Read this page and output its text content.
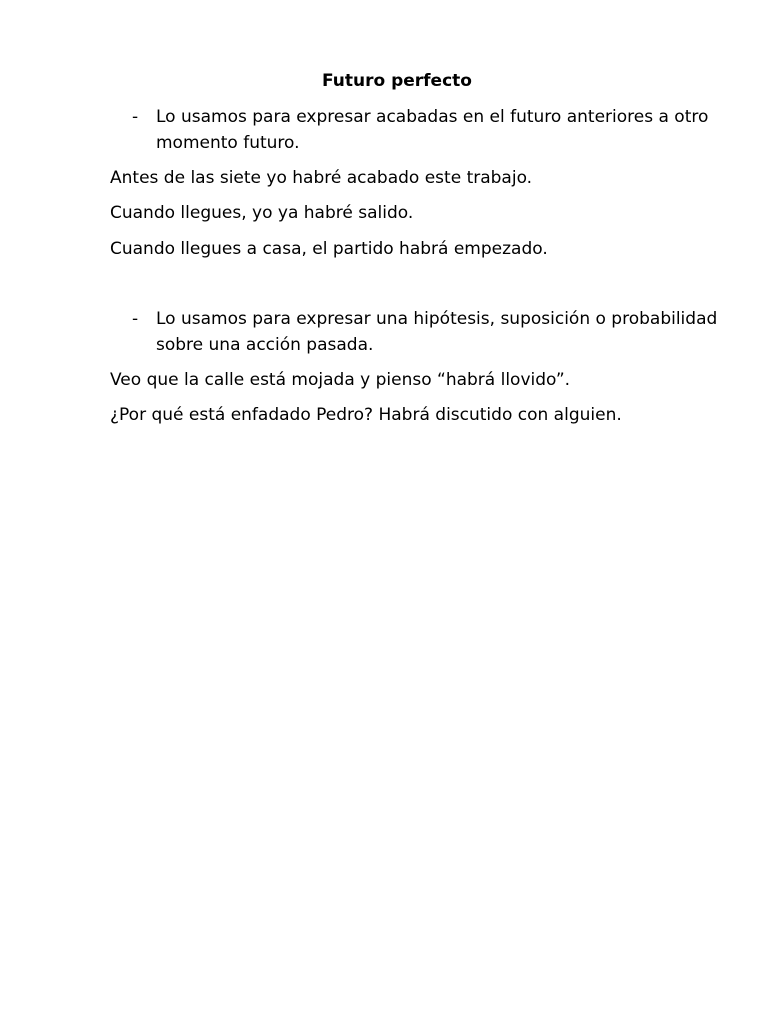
Futuro perfecto
- Lo usamos para expresar acabadas en el futuro anteriores a otro
momento futuro.
Antes de las siete yo habré acabado este trabajo.
Cuando llegues, yo ya habré salido.
Cuando llegues a casa, el partido habrá empezado.
- Lo usamos para expresar una hipótesis, suposición o probabilidad
sobre una acción pasada.
Veo que la calle está mojada y pienso “habrá llovido”.
¿Por qué está enfadado Pedro? Habrá discutido con alguien.
